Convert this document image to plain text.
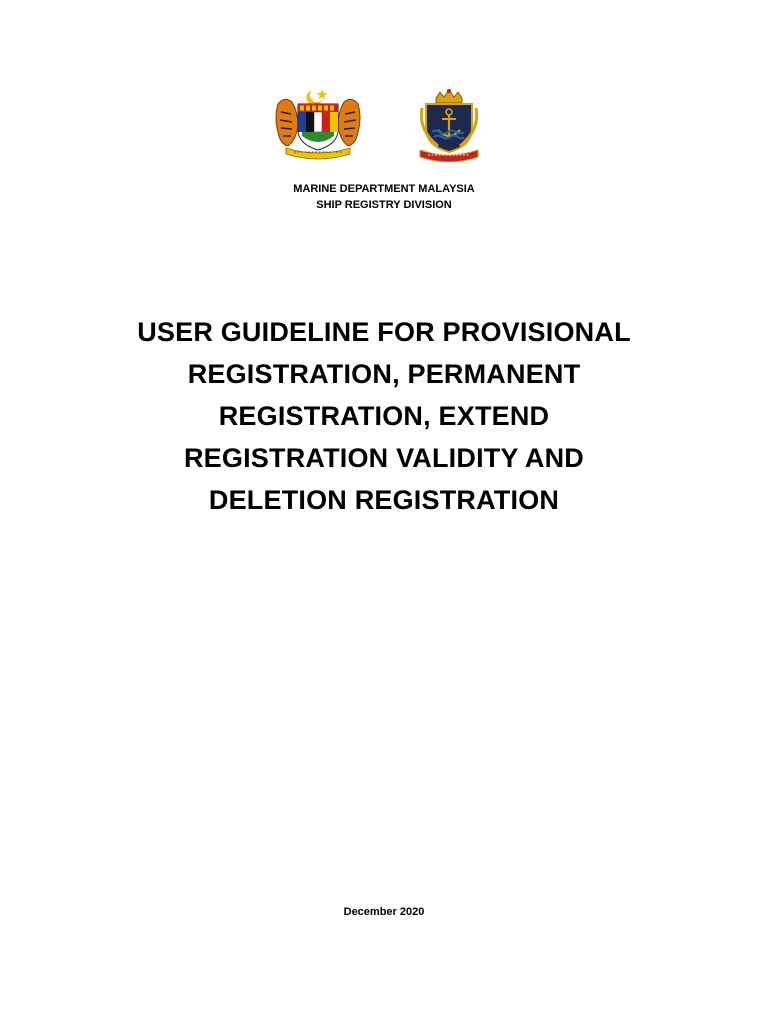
MARINE DEPARTMENT MALAYSIA
SHIP REGISTRY DIVISION
USER GUIDELINE FOR PROVISIONAL
REGISTRATION, PERMANENT
REGISTRATION, EXTEND
REGISTRATION VALIDITY AND
DELETION REGISTRATION
December 2020
